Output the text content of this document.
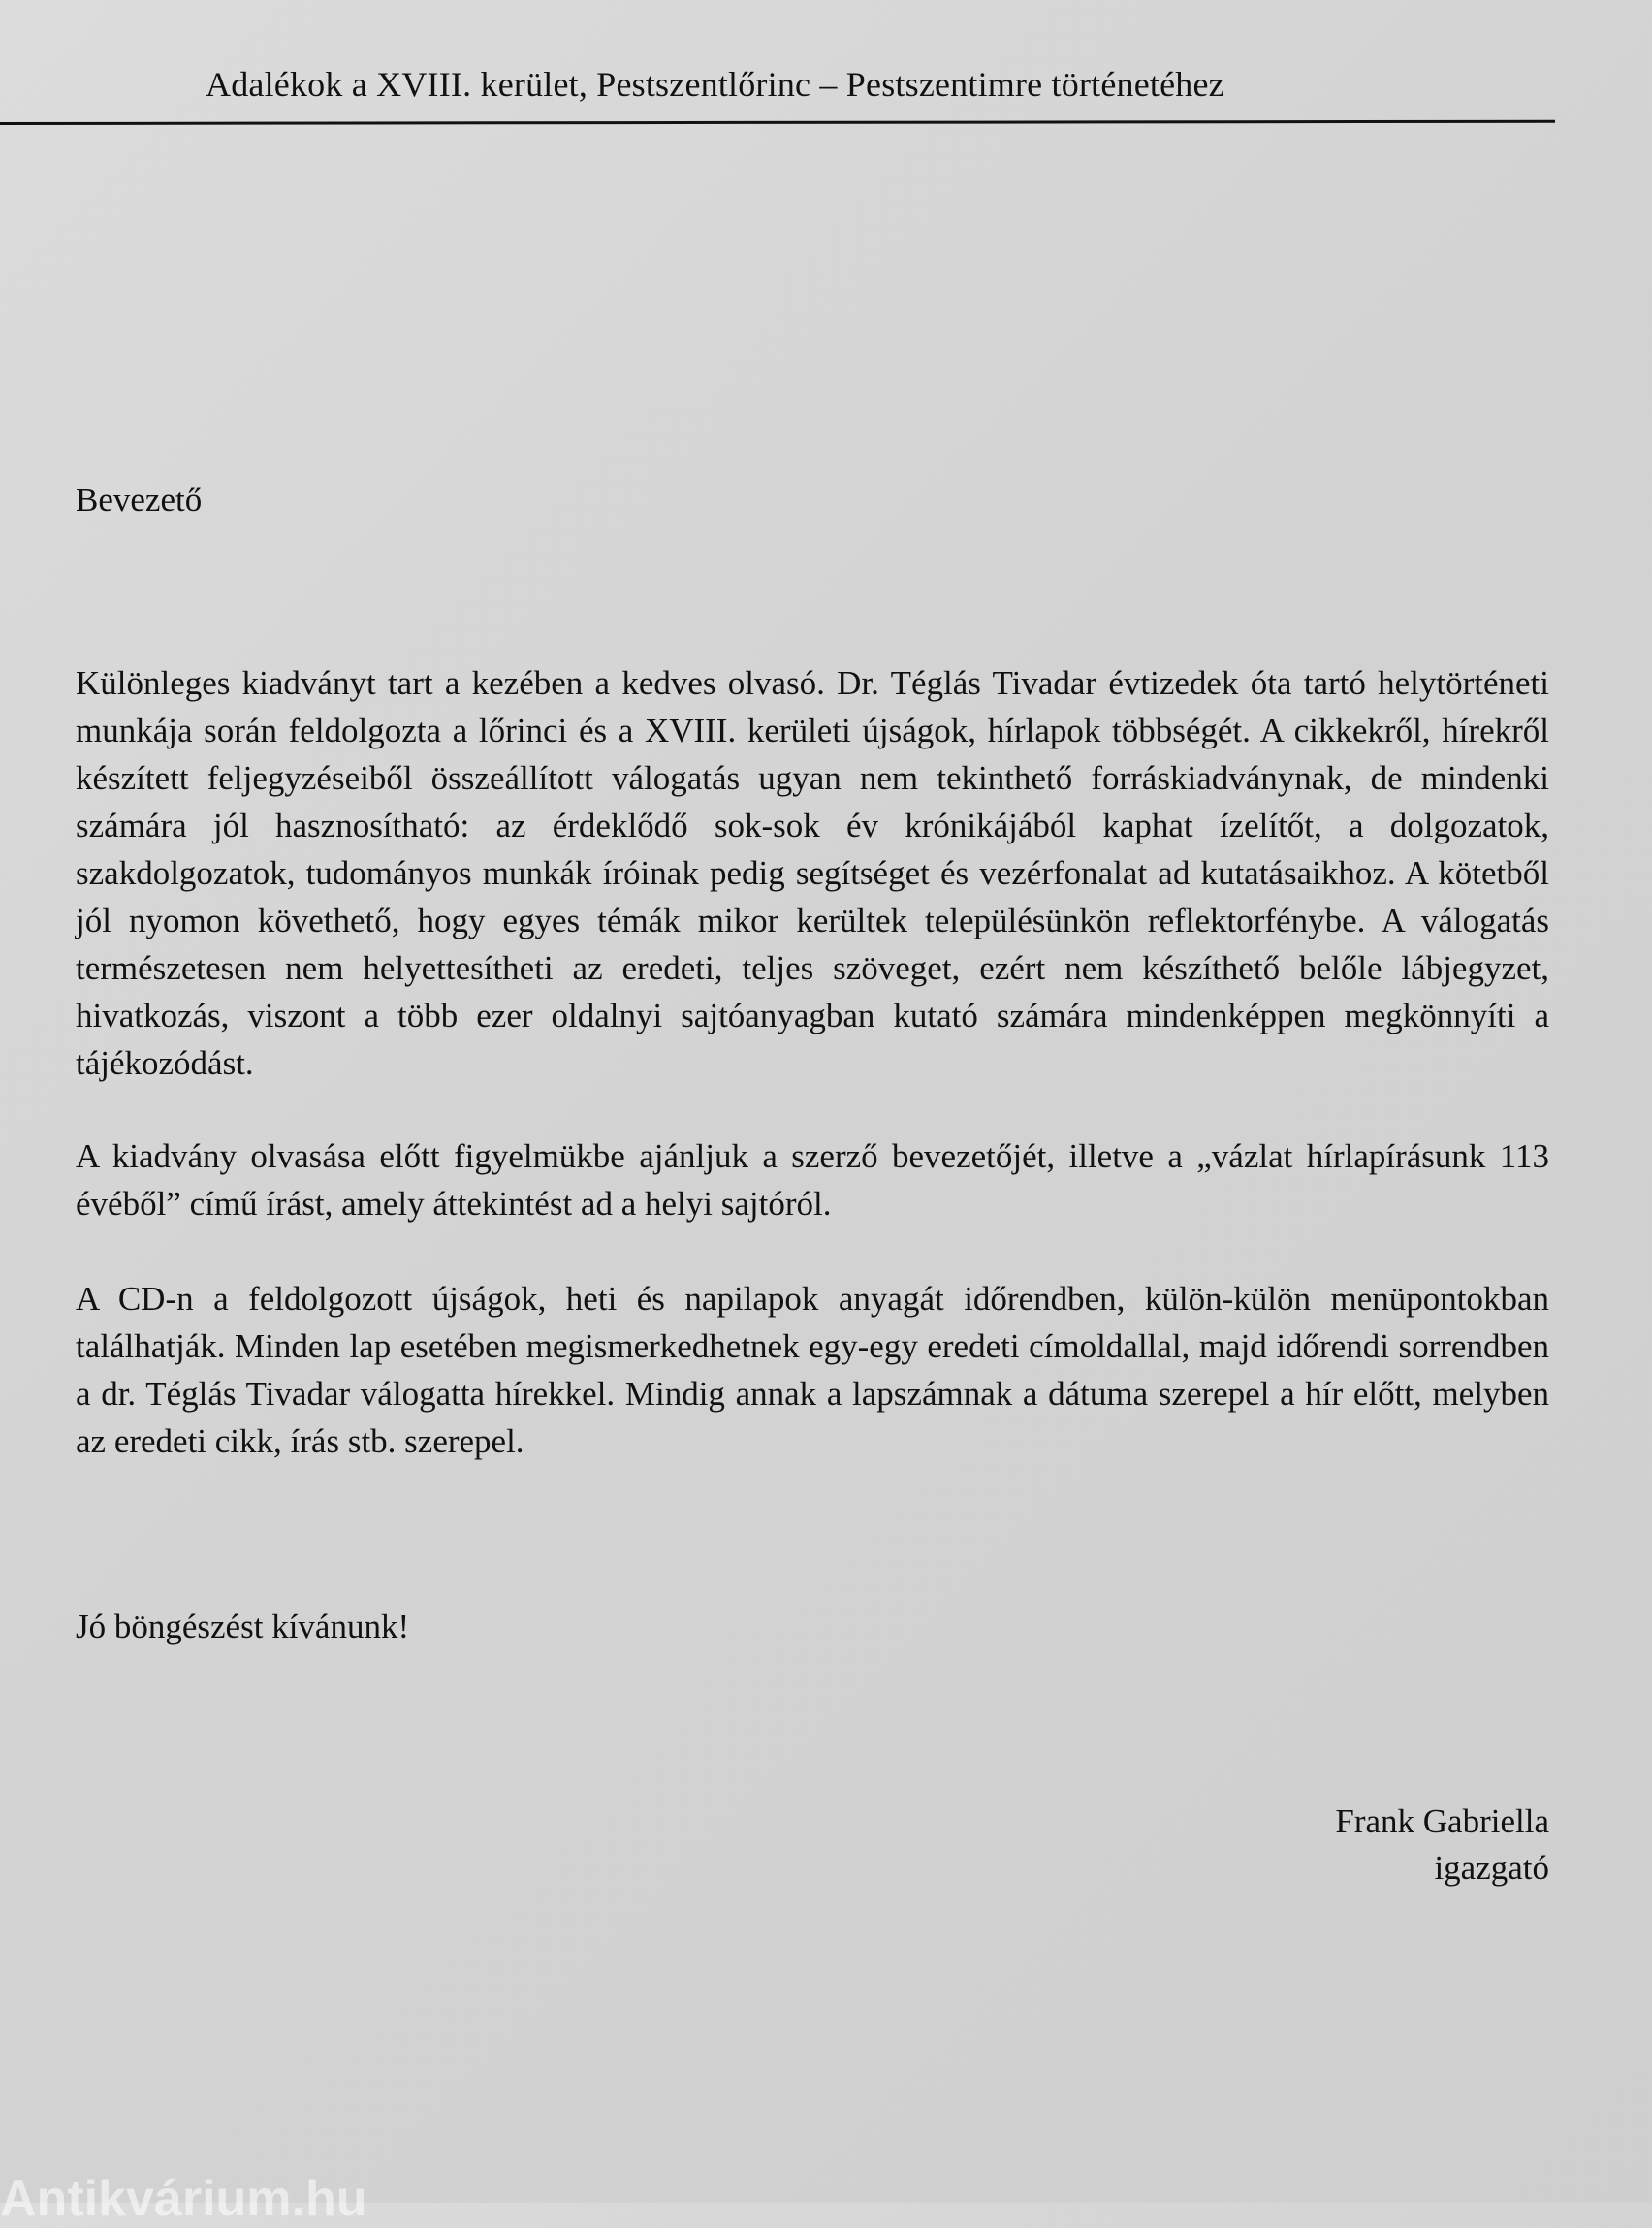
Adalékok a XVIII. kerület, Pestszentlőrinc – Pestszentimre történetéhez
Bevezető

Különleges kiadványt tart a kezében a kedves olvasó. Dr. Téglás Tivadar évtizedek óta tartó helytörténeti munkája során feldolgozta a lőrinci és a XVIII. kerületi újságok, hírlapok többségét. A cikkekről, hírekről készített feljegyzéseiből összeállított válogatás ugyan nem tekinthető forráskiadványnak, de mindenki számára jól hasznosítható: az érdeklődő sok-sok év krónikájából kaphat ízelítőt, a dolgozatok, szakdolgozatok, tudományos munkák íróinak pedig segítséget és vezérfonalat ad kutatásaikhoz. A kötetből jól nyomon követhető, hogy egyes témák mikor kerültek településünkön reflektorfénybe. A válogatás természetesen nem helyettesítheti az eredeti, teljes szöveget, ezért nem készíthető belőle lábjegyzet, hivatkozás, viszont a több ezer oldalnyi sajtóanyagban kutató számára mindenképpen megkönnyíti a tájékozódást.

A kiadvány olvasása előtt figyelmükbe ajánljuk a szerző bevezetőjét, illetve a „vázlat hírlapírásunk 113 évéből” című írást, amely áttekintést ad a helyi sajtóról.

A CD-n a feldolgozott újságok, heti és napilapok anyagát időrendben, külön-külön menüpontokban találhatják. Minden lap esetében megismerkedhetnek egy-egy eredeti címoldallal, majd időrendi sorrendben a dr. Téglás Tivadar válogatta hírekkel. Mindig annak a lapszámnak a dátuma szerepel a hír előtt, melyben az eredeti cikk, írás stb. szerepel.

Jó böngészést kívánunk!
Frank Gabriella
igazgató
Antikvárium.hu
